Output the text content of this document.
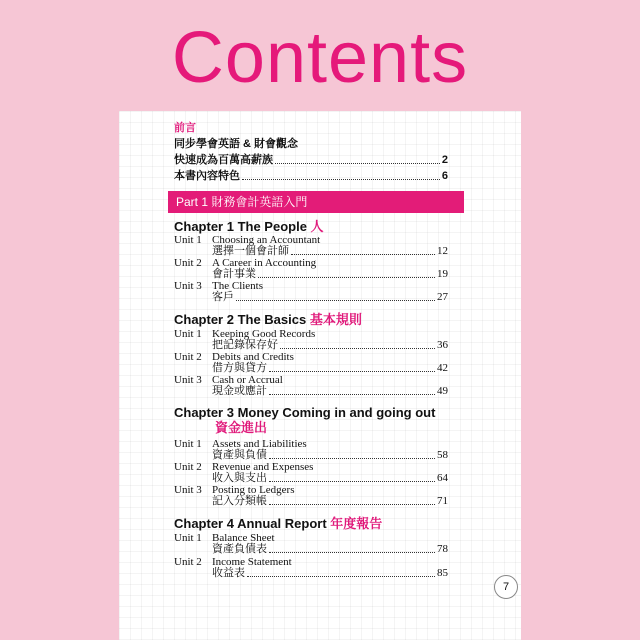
Contents
前言
同步學會英語 & 財會觀念
快速成為百萬高薪族	2
本書內容特色	6
Part 1 財務會計英語入門
Chapter 1 The People 人
Unit 1 Choosing an Accountant
選擇一個會計師	12
Unit 2 A Career in Accounting
會計事業	19
Unit 3 The Clients
客戶	27
Chapter 2 The Basics 基本規則
Unit 1 Keeping Good Records
把記錄保存好	36
Unit 2 Debits and Credits
借方與貸方	42
Unit 3 Cash or Accrual
現金或應計	49
Chapter 3 Money Coming in and going out
資金進出
Unit 1 Assets and Liabilities
資產與負債	58
Unit 2 Revenue and Expenses
收入與支出	64
Unit 3 Posting to Ledgers
記入分類帳	71
Chapter 4 Annual Report 年度報告
Unit 1 Balance Sheet
資產負債表	78
Unit 2 Income Statement
收益表	85
7
